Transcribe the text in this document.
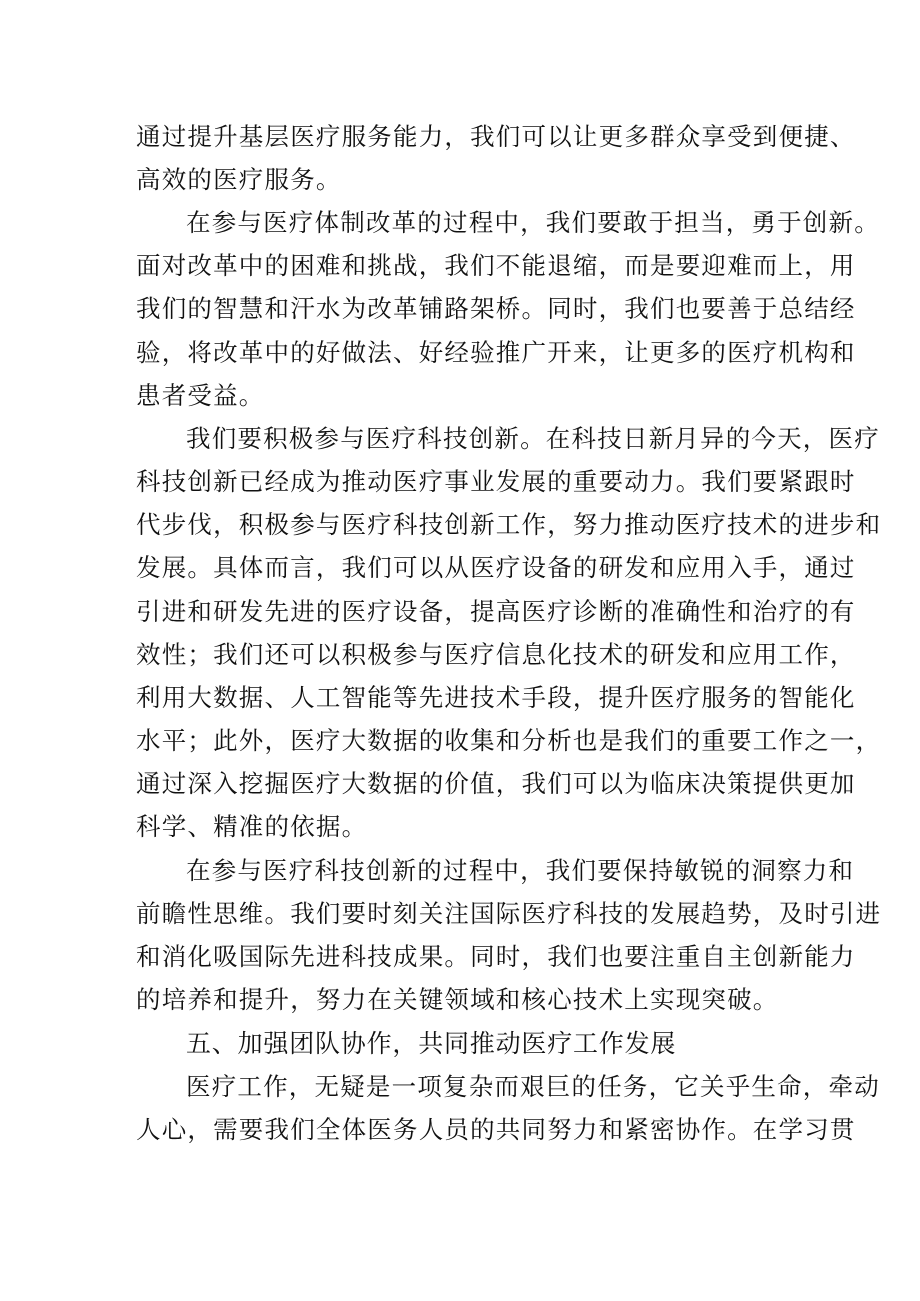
通过提升基层医疗服务能力，我们可以让更多群众享受到便捷、
高效的医疗服务。
在参与医疗体制改革的过程中，我们要敢于担当，勇于创新。
面对改革中的困难和挑战，我们不能退缩，而是要迎难而上，用
我们的智慧和汗水为改革铺路架桥。同时，我们也要善于总结经
验，将改革中的好做法、好经验推广开来，让更多的医疗机构和
患者受益。
我们要积极参与医疗科技创新。在科技日新月异的今天，医疗
科技创新已经成为推动医疗事业发展的重要动力。我们要紧跟时
代步伐，积极参与医疗科技创新工作，努力推动医疗技术的进步和
发展。具体而言，我们可以从医疗设备的研发和应用入手，通过
引进和研发先进的医疗设备，提高医疗诊断的准确性和治疗的有
效性；我们还可以积极参与医疗信息化技术的研发和应用工作，
利用大数据、人工智能等先进技术手段，提升医疗服务的智能化
水平；此外，医疗大数据的收集和分析也是我们的重要工作之一，
通过深入挖掘医疗大数据的价值，我们可以为临床决策提供更加
科学、精准的依据。
在参与医疗科技创新的过程中，我们要保持敏锐的洞察力和
前瞻性思维。我们要时刻关注国际医疗科技的发展趋势，及时引进
和消化吸国际先进科技成果。同时，我们也要注重自主创新能力
的培养和提升，努力在关键领域和核心技术上实现突破。
五、加强团队协作，共同推动医疗工作发展
医疗工作，无疑是一项复杂而艰巨的任务，它关乎生命，牵动
人心，需要我们全体医务人员的共同努力和紧密协作。在学习贯
